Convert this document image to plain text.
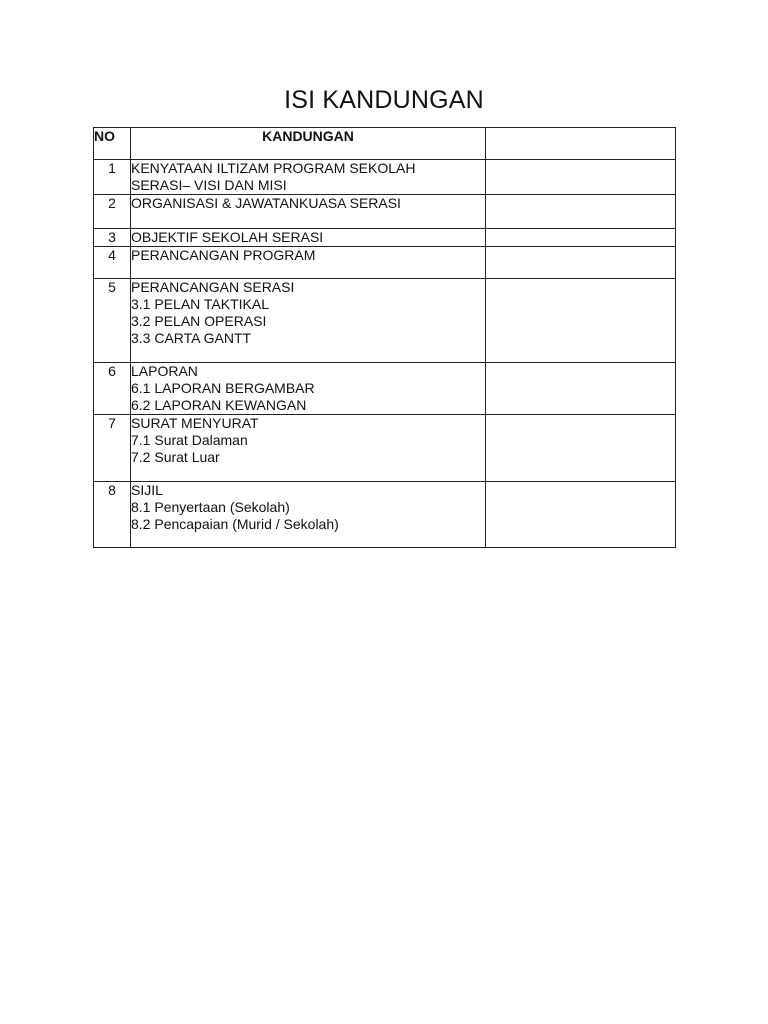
ISI KANDUNGAN
NO	KANDUNGAN	
1	KENYATAAN ILTIZAM PROGRAM SEKOLAH
SERASI– VISI DAN MISI	

2	ORGANISASI & JAWATANKUASA SERASI	

3	OBJEKTIF SEKOLAH SERASI	

4	PERANCANGAN PROGRAM	

5	PERANCANGAN SERASI
3.1 PELAN TAKTIKAL
3.2 PELAN OPERASI
3.3 CARTA GANTT	

6	LAPORAN
6.1 LAPORAN BERGAMBAR
6.2 LAPORAN KEWANGAN	

7	SURAT MENYURAT
7.1 Surat Dalaman
7.2 Surat Luar	

8	SIJIL
8.1 Penyertaan (Sekolah)
8.2 Pencapaian (Murid / Sekolah)	
